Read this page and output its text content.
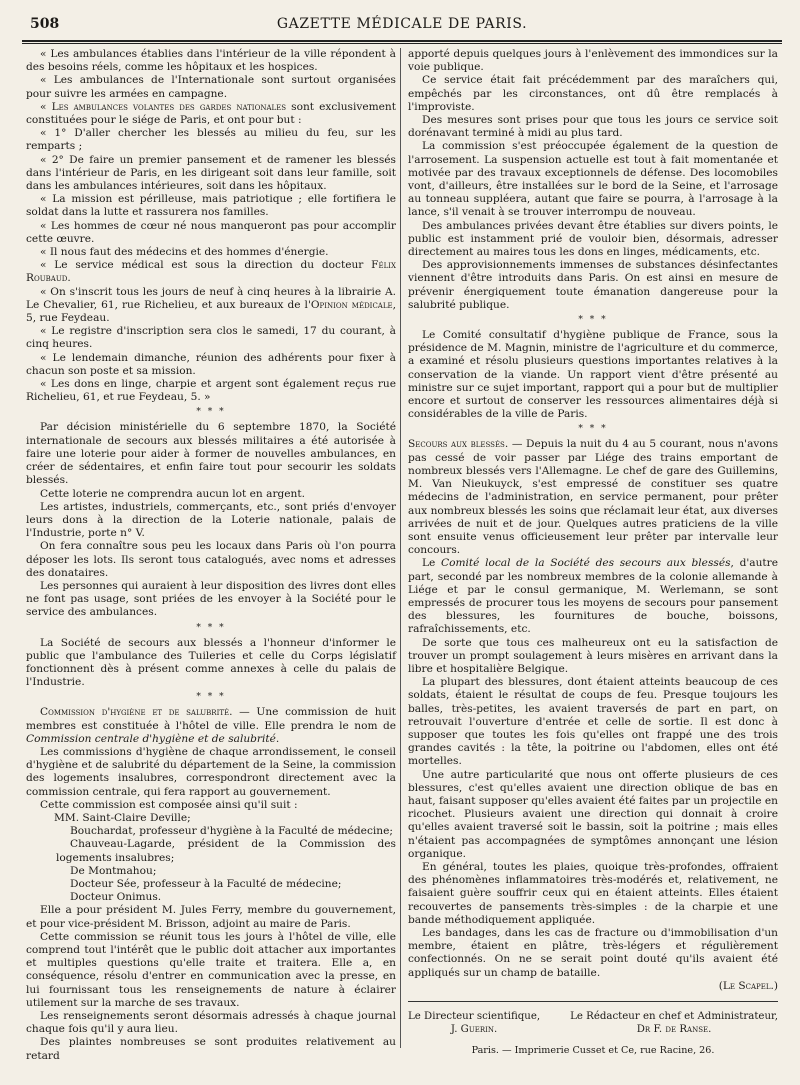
508	GAZETTE MÉDICALE DE PARIS.

« Les ambulances établies dans l'intérieur de la ville répondent à des besoins réels, comme les hôpitaux et les hospices.

« Les ambulances de l'Internationale sont surtout organisées pour suivre les armées en campagne.

« Les ambulances volantes des gardes nationales sont exclusivement constituées pour le siége de Paris, et ont pour but :

« 1° D'aller chercher les blessés au milieu du feu, sur les remparts ;

« 2° De faire un premier pansement et de ramener les blessés dans l'intérieur de Paris, en les dirigeant soit dans leur famille, soit dans les ambulances intérieures, soit dans les hôpitaux.

« La mission est périlleuse, mais patriotique ; elle fortifiera le soldat dans la lutte et rassurera nos familles.

« Les hommes de cœur né nous manqueront pas pour accomplir cette œuvre.

« Il nous faut des médecins et des hommes d'énergie.

« Le service médical est sous la direction du docteur Félix Roubaud.

« On s'inscrit tous les jours de neuf à cinq heures à la librairie A. Le Chevalier, 61, rue Richelieu, et aux bureaux de l'Opinion médicale, 5, rue Feydeau.

« Le registre d'inscription sera clos le samedi, 17 du courant, à cinq heures.

« Le lendemain dimanche, réunion des adhérents pour fixer à chacun son poste et sa mission.

« Les dons en linge, charpie et argent sont également reçus rue Richelieu, 61, et rue Feydeau, 5. »

* * *

Par décision ministérielle du 6 septembre 1870, la Société internationale de secours aux blessés militaires a été autorisée à faire une loterie pour aider à former de nouvelles ambulances, en créer de sédentaires, et enfin faire tout pour secourir les soldats blessés.

Cette loterie ne comprendra aucun lot en argent.

Les artistes, industriels, commerçants, etc., sont priés d'envoyer leurs dons à la direction de la Loterie nationale, palais de l'Industrie, porte n° V.

On fera connaître sous peu les locaux dans Paris où l'on pourra déposer les lots. Ils seront tous catalogués, avec noms et adresses des donataires.

Les personnes qui auraient à leur disposition des livres dont elles ne font pas usage, sont priées de les envoyer à la Société pour le service des ambulances.

* * *

La Société de secours aux blessés a l'honneur d'informer le public que l'ambulance des Tuileries et celle du Corps législatif fonctionnent dès à présent comme annexes à celle du palais de l'Industrie.

* * *

Commission d'hygiène et de salubrité. — Une commission de huit membres est constituée à l'hôtel de ville. Elle prendra le nom de Commission centrale d'hygiène et de salubrité.

Les commissions d'hygiène de chaque arrondissement, le conseil d'hygiène et de salubrité du département de la Seine, la commission des logements insalubres, correspondront directement avec la commission centrale, qui fera rapport au gouvernement.

Cette commission est composée ainsi qu'il suit :

MM. Saint-Claire Deville;

Bouchardat, professeur d'hygiène à la Faculté de médecine;

Chauveau-Lagarde, président de la Commission des logements insalubres;

De Montmahou;

Docteur Sée, professeur à la Faculté de médecine;

Docteur Onimus.

Elle a pour président M. Jules Ferry, membre du gouvernement, et pour vice-président M. Brisson, adjoint au maire de Paris.

Cette commission se réunit tous les jours à l'hôtel de ville, elle comprend tout l'intérêt que le public doit attacher aux importantes et multiples questions qu'elle traite et traitera. Elle a, en conséquence, résolu d'entrer en communication avec la presse, en lui fournissant tous les renseignements de nature à éclairer utilement sur la marche de ses travaux.

Les renseignements seront désormais adressés à chaque journal chaque fois qu'il y aura lieu.

Des plaintes nombreuses se sont produites relativement au retard

apporté depuis quelques jours à l'enlèvement des immondices sur la voie publique.

Ce service était fait précédemment par des maraîchers qui, empêchés par les circonstances, ont dû être remplacés à l'improviste.

Des mesures sont prises pour que tous les jours ce service soit dorénavant terminé à midi au plus tard.

La commission s'est préoccupée également de la question de l'arrosement. La suspension actuelle est tout à fait momentanée et motivée par des travaux exceptionnels de défense. Des locomobiles vont, d'ailleurs, être installées sur le bord de la Seine, et l'arrosage au tonneau suppléera, autant que faire se pourra, à l'arrosage à la lance, s'il venait à se trouver interrompu de nouveau.

Des ambulances privées devant être établies sur divers points, le public est instamment prié de vouloir bien, désormais, adresser directement au maires tous les dons en linges, médicaments, etc.

Des approvisionnements immenses de substances désinfectantes viennent d'être introduits dans Paris. On est ainsi en mesure de prévenir énergiquement toute émanation dangereuse pour la salubrité publique.

* * *

Le Comité consultatif d'hygiène publique de France, sous la présidence de M. Magnin, ministre de l'agriculture et du commerce, a examiné et résolu plusieurs questions importantes relatives à la conservation de la viande. Un rapport vient d'être présenté au ministre sur ce sujet important, rapport qui a pour but de multiplier encore et surtout de conserver les ressources alimentaires déjà si considérables de la ville de Paris.

* * *

Secours aux blessés. — Depuis la nuit du 4 au 5 courant, nous n'avons pas cessé de voir passer par Liége des trains emportant de nombreux blessés vers l'Allemagne. Le chef de gare des Guillemins, M. Van Nieukuyck, s'est empressé de constituer ses quatre médecins de l'administration, en service permanent, pour prêter aux nombreux blessés les soins que réclamait leur état, aux diverses arrivées de nuit et de jour. Quelques autres praticiens de la ville sont ensuite venus officieusement leur prêter par intervalle leur concours.

Le Comité local de la Société des secours aux blessés, d'autre part, secondé par les nombreux membres de la colonie allemande à Liége et par le consul germanique, M. Werlemann, se sont empressés de procurer tous les moyens de secours pour pansement des blessures, les fournitures de bouche, boissons, rafraîchissements, etc.

De sorte que tous ces malheureux ont eu la satisfaction de trouver un prompt soulagement à leurs misères en arrivant dans la libre et hospitalière Belgique.

La plupart des blessures, dont étaient atteints beaucoup de ces soldats, étaient le résultat de coups de feu. Presque toujours les balles, très-petites, les avaient traversés de part en part, on retrouvait l'ouverture d'entrée et celle de sortie. Il est donc à supposer que toutes les fois qu'elles ont frappé une des trois grandes cavités : la tête, la poitrine ou l'abdomen, elles ont été mortelles.

Une autre particularité que nous ont offerte plusieurs de ces blessures, c'est qu'elles avaient une direction oblique de bas en haut, faisant supposer qu'elles avaient été faites par un projectile en ricochet. Plusieurs avaient une direction qui donnait à croire qu'elles avaient traversé soit le bassin, soit la poitrine ; mais elles n'étaient pas accompagnées de symptômes annonçant une lésion organique.

En général, toutes les plaies, quoique très-profondes, offraient des phénomènes inflammatoires très-modérés et, relativement, ne faisaient guère souffrir ceux qui en étaient atteints. Elles étaient recouvertes de pansements très-simples : de la charpie et une bande méthodiquement appliquée.

Les bandages, dans les cas de fracture ou d'immobilisation d'un membre, étaient en plâtre, très-légers et régulièrement confectionnés. On ne se serait point douté qu'ils avaient été appliqués sur un champ de bataille.

(Le Scapel.)

Le Directeur scientifique,
J. Guerin.
Le Rédacteur en chef et Administrateur,
Dr F. de Ranse.
Paris. — Imprimerie Cusset et Ce, rue Racine, 26.
